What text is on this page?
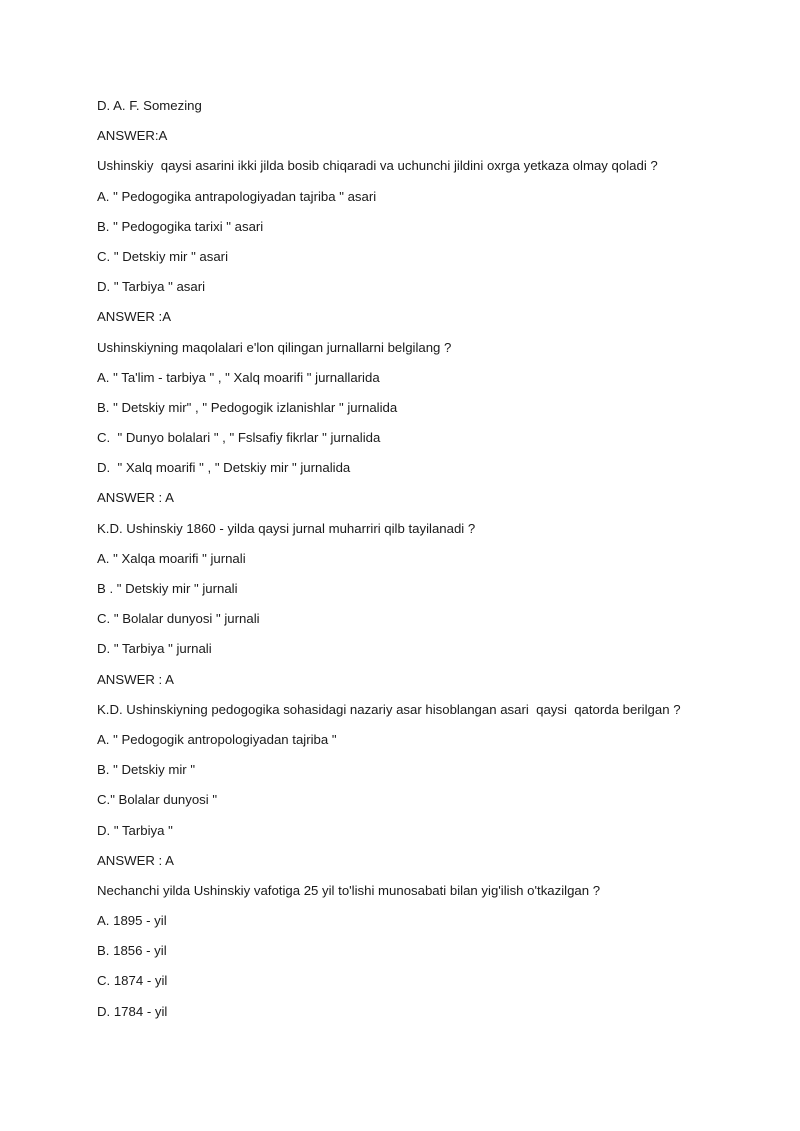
D. A. F. Somezing
ANSWER:A
Ushinskiy  qaysi asarini ikki jilda bosib chiqaradi va uchunchi jildini oxrga yetkaza olmay qoladi ?
A. " Pedogogika antrapologiyadan tajriba " asari
B. " Pedogogika tarixi " asari
C. " Detskiy mir " asari
D. " Tarbiya " asari
ANSWER :A
Ushinskiyning maqolalari e'lon qilingan jurnallarni belgilang ?
A. " Ta'lim - tarbiya " , " Xalq moarifi " jurnallarida
B. " Detskiy mir" , " Pedogogik izlanishlar " jurnalida
C.  " Dunyo bolalari " , " Fslsafiy fikrlar " jurnalida
D.  " Xalq moarifi " , " Detskiy mir " jurnalida
ANSWER : A
K.D. Ushinskiy 1860 - yilda qaysi jurnal muharriri qilb tayilanadi ?
A. " Xalqa moarifi " jurnali
B . " Detskiy mir " jurnali
C. " Bolalar dunyosi " jurnali
D. " Tarbiya " jurnali
ANSWER : A
K.D. Ushinskiyning pedogogika sohasidagi nazariy asar hisoblangan asari  qaysi  qatorda berilgan ?
A. " Pedogogik antropologiyadan tajriba "
B. " Detskiy mir "
C." Bolalar dunyosi "
D. " Tarbiya "
ANSWER : A
Nechanchi yilda Ushinskiy vafotiga 25 yil to'lishi munosabati bilan yig'ilish o'tkazilgan ?
A. 1895 - yil
B. 1856 - yil
C. 1874 - yil
D. 1784 - yil
